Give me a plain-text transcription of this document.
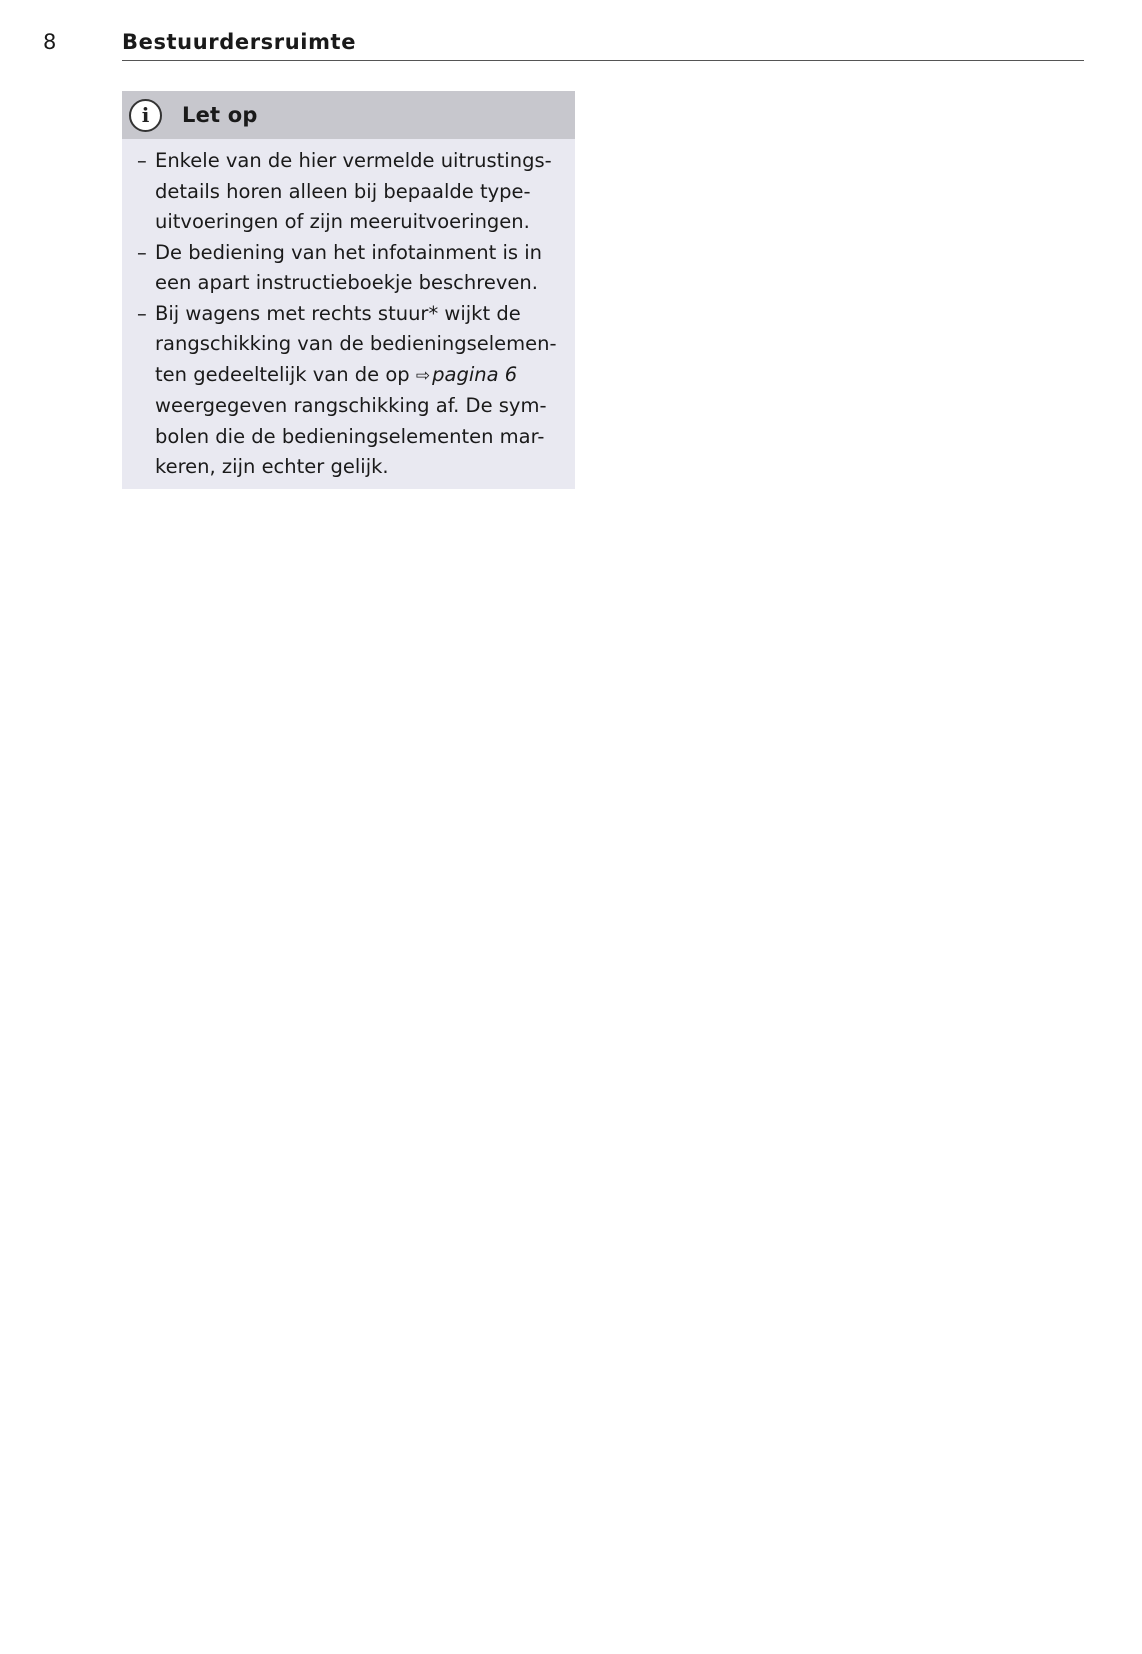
8	Bestuurdersruimte
i	Let op
– Enkele van de hier vermelde uitrustings-
details horen alleen bij bepaalde type-
uitvoeringen of zijn meeruitvoeringen.
– De bediening van het infotainment is in
een apart instructieboekje beschreven.
– Bij wagens met rechts stuur* wijkt de
rangschikking van de bedieningselemen-
ten gedeeltelijk van de op ⇨ pagina 6
weergegeven rangschikking af. De sym-
bolen die de bedieningselementen mar-
keren, zijn echter gelijk.
